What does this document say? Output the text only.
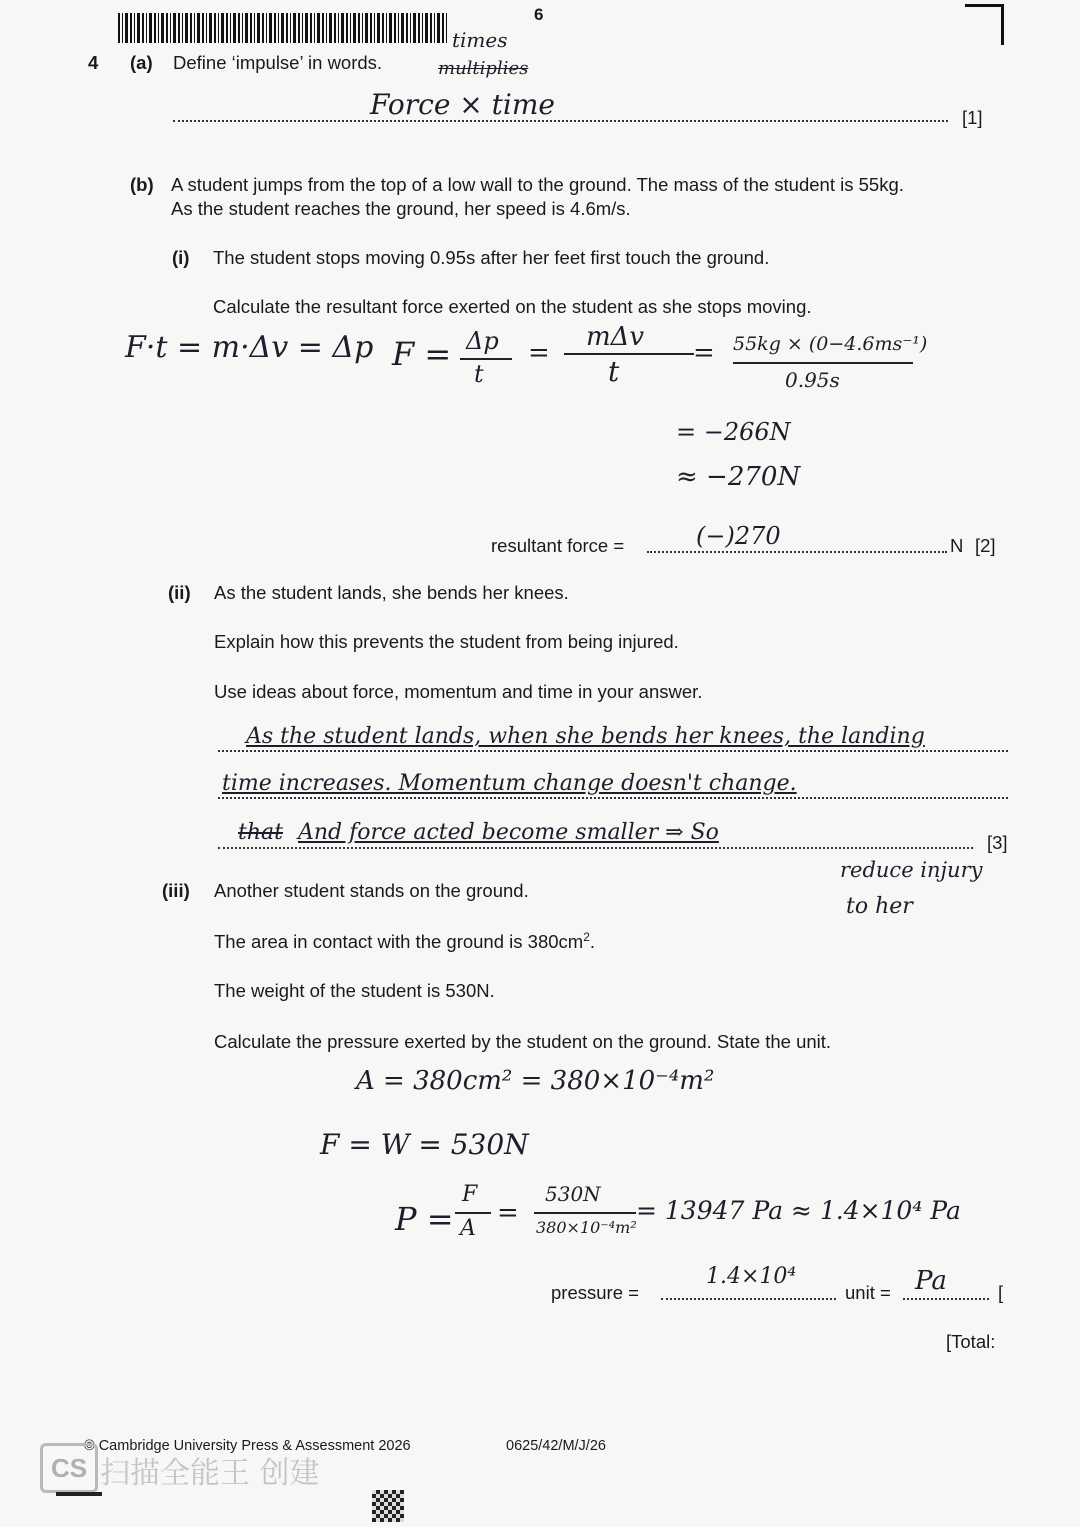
6
4 (a) Define ‘impulse’ in words.
times
multiplies
Force × time	[1]
(b) A student jumps from the top of a low wall to the ground. The mass of the student is 55kg.
As the student reaches the ground, her speed is 4.6m/s.
(i) The student stops moving 0.95s after her feet first touch the ground.
Calculate the resultant force exerted on the student as she stops moving.
F·t = m·Δv = Δp F = Δp
t
=
mΔv
t
= 55kg × (0−4.6ms⁻¹)
0.95s
= −266N
≈ −270N
resultant force =	(−)270	N [2]
(ii) As the student lands, she bends her knees.
Explain how this prevents the student from being injured.
Use ideas about force, momentum and time in your answer.
As the student lands, when she bends her knees, the landing
time increases. Momentum change doesn't change.
that And force acted become smaller ⇒ So
reduce injury
to her
[3]
(iii) Another student stands on the ground.
The area in contact with the ground is $380cm^2$.
The weight of the student is 530N.
Calculate the pressure exerted by the student on the ground. State the unit.
A = 380cm² = 380×10⁻⁴m²
F = W = 530N
P =
F
A
=
530N
380×10⁻⁴m²
= 13947 Pa ≈ 1.4×10⁴ Pa
pressure =
1.4×10⁴
unit = Pa	[
[Total:
© Cambridge University Press & Assessment 2026	0625/42/M/J/26
CS 扫描全能王 创建
